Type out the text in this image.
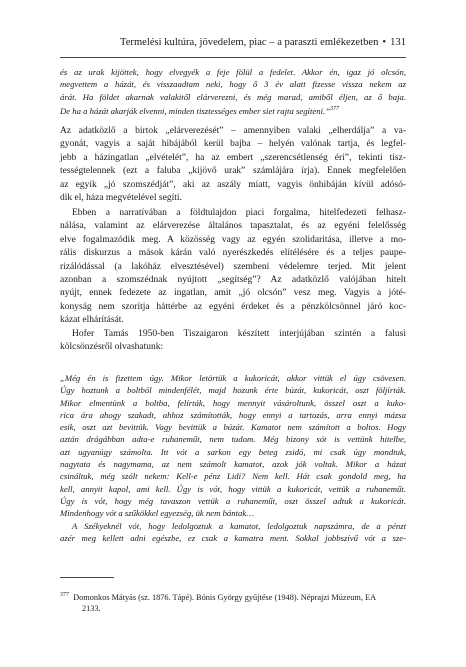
Termelési kultúra, jövedelem, piac – a paraszti emlékezetben • 131
és az urak kijöttek, hogy elvegyék a feje fölül a fedelet. Akkor én, igaz jó olcsón,
megvettem a házát, és visszaadtam neki, hogy ő 3 év alatt fizesse vissza nekem az
árát. Ha földet akarnak valakitől elárverezni, és még marad, amiből éljen, az ő baja.
De ha a házát akarják elvenni, minden tisztességes ember siet rajta segíteni.”$^{377}$
Az adatközlő a birtok „elárverezését” – amennyiben valaki „elherdálja” a va-
gyonát, vagyis a saját hibájából kerül bajba – helyén valónak tartja, és legfel-
jebb a házingatlan „elvételét”, ha az embert „szerencsétlenség éri”, tekinti tisz-
tességtelennek (ezt a faluba „kijövő urak” számlájára írja). Ennek megfelelően
az egyik „jó szomszédját”, aki az aszály miatt, vagyis önhibáján kívül adósó-
dik el, háza megvételével segíti.
Ebben a narratívában a földtulajdon piaci forgalma, hitelfedezeti felhasz-
nálása, valamint az elárverezése általános tapasztalat, és az egyéni felelősség
elve fogalmazódik meg. A közösség vagy az egyén szolidaritása, illetve a mo-
rális diskurzus a mások kárán való nyerészkedés elítélésére és a teljes paupe-
rizálódással (a lakóház elvesztésével) szembeni védelemre terjed. Mit jelent
azonban a szomszédnak nyújtott „segítség”? Az adatközlő valójában hitelt
nyújt, ennek fedezete az ingatlan, amit „jó olcsón” vesz meg. Vagyis a jóté-
konyság nem szorítja háttérbe az egyéni érdeket és a pénzkölcsönnel járó koc-
kázat elhárítását.
Hofer Tamás 1950-ben Tiszaigaron készített interjújában szintén a falusi
kölcsönzésről olvashatunk:
„Még én is fizettem úgy. Mikor letörtük a kukoricát, akkor vittük el úgy csövesen.
Úgy hoztunk a boltból mindenfélét, majd hozunk érte búzát, kukoricát, oszt följírták.
Mikor elmentünk a boltba, felírták, hogy mennyit vásároltunk, összel oszt a kuko-
rica ára ahogy szakadt, ahhoz számították, hogy ennyi a tartozás, arra ennyi mázsa
esik, oszt azt bevittük. Vagy bevittük a búzát. Kamatot nem számított a boltos. Hogy
aztán drágábban adta-e ruhaneműt, nem tudom. Még bizony sót is vettünk hitelbe,
azt ugyanúgy számolta. Itt vót a sarkon egy beteg zsidó, mi csak úgy mondtuk,
nagytata és nagymama, az nem számolt kamatot, azok jók voltak. Mikor a házat
csináltuk, még szólt nekem: Kell-e pénz Lidi? Nem kell. Hát csak gondold meg, ha
kell, annyit kapol, ami kell. Úgy is vót, hogy vittük a kukoricát, vettük a ruhaneműt.
Úgy is vót, hogy még tavaszon vettük a ruhaneműt, oszt összel adtuk a kukoricát.
Mindenhogy vót a szűkökkel egyezség, ük nem bántak…
A Székyeknél vót, hogy ledolgoztuk a kamatot, ledolgoztuk napszámra, de a pénzt
azér meg kellett adni egészbe, ez csak a kamatra ment. Sokkal jobbszívű vót a sze-
$^{377}$ Domonkos Mátyás (sz. 1876. Tápé). Bónis György gyűjtése (1948). Néprajzi Múzeum, EA
2133.
